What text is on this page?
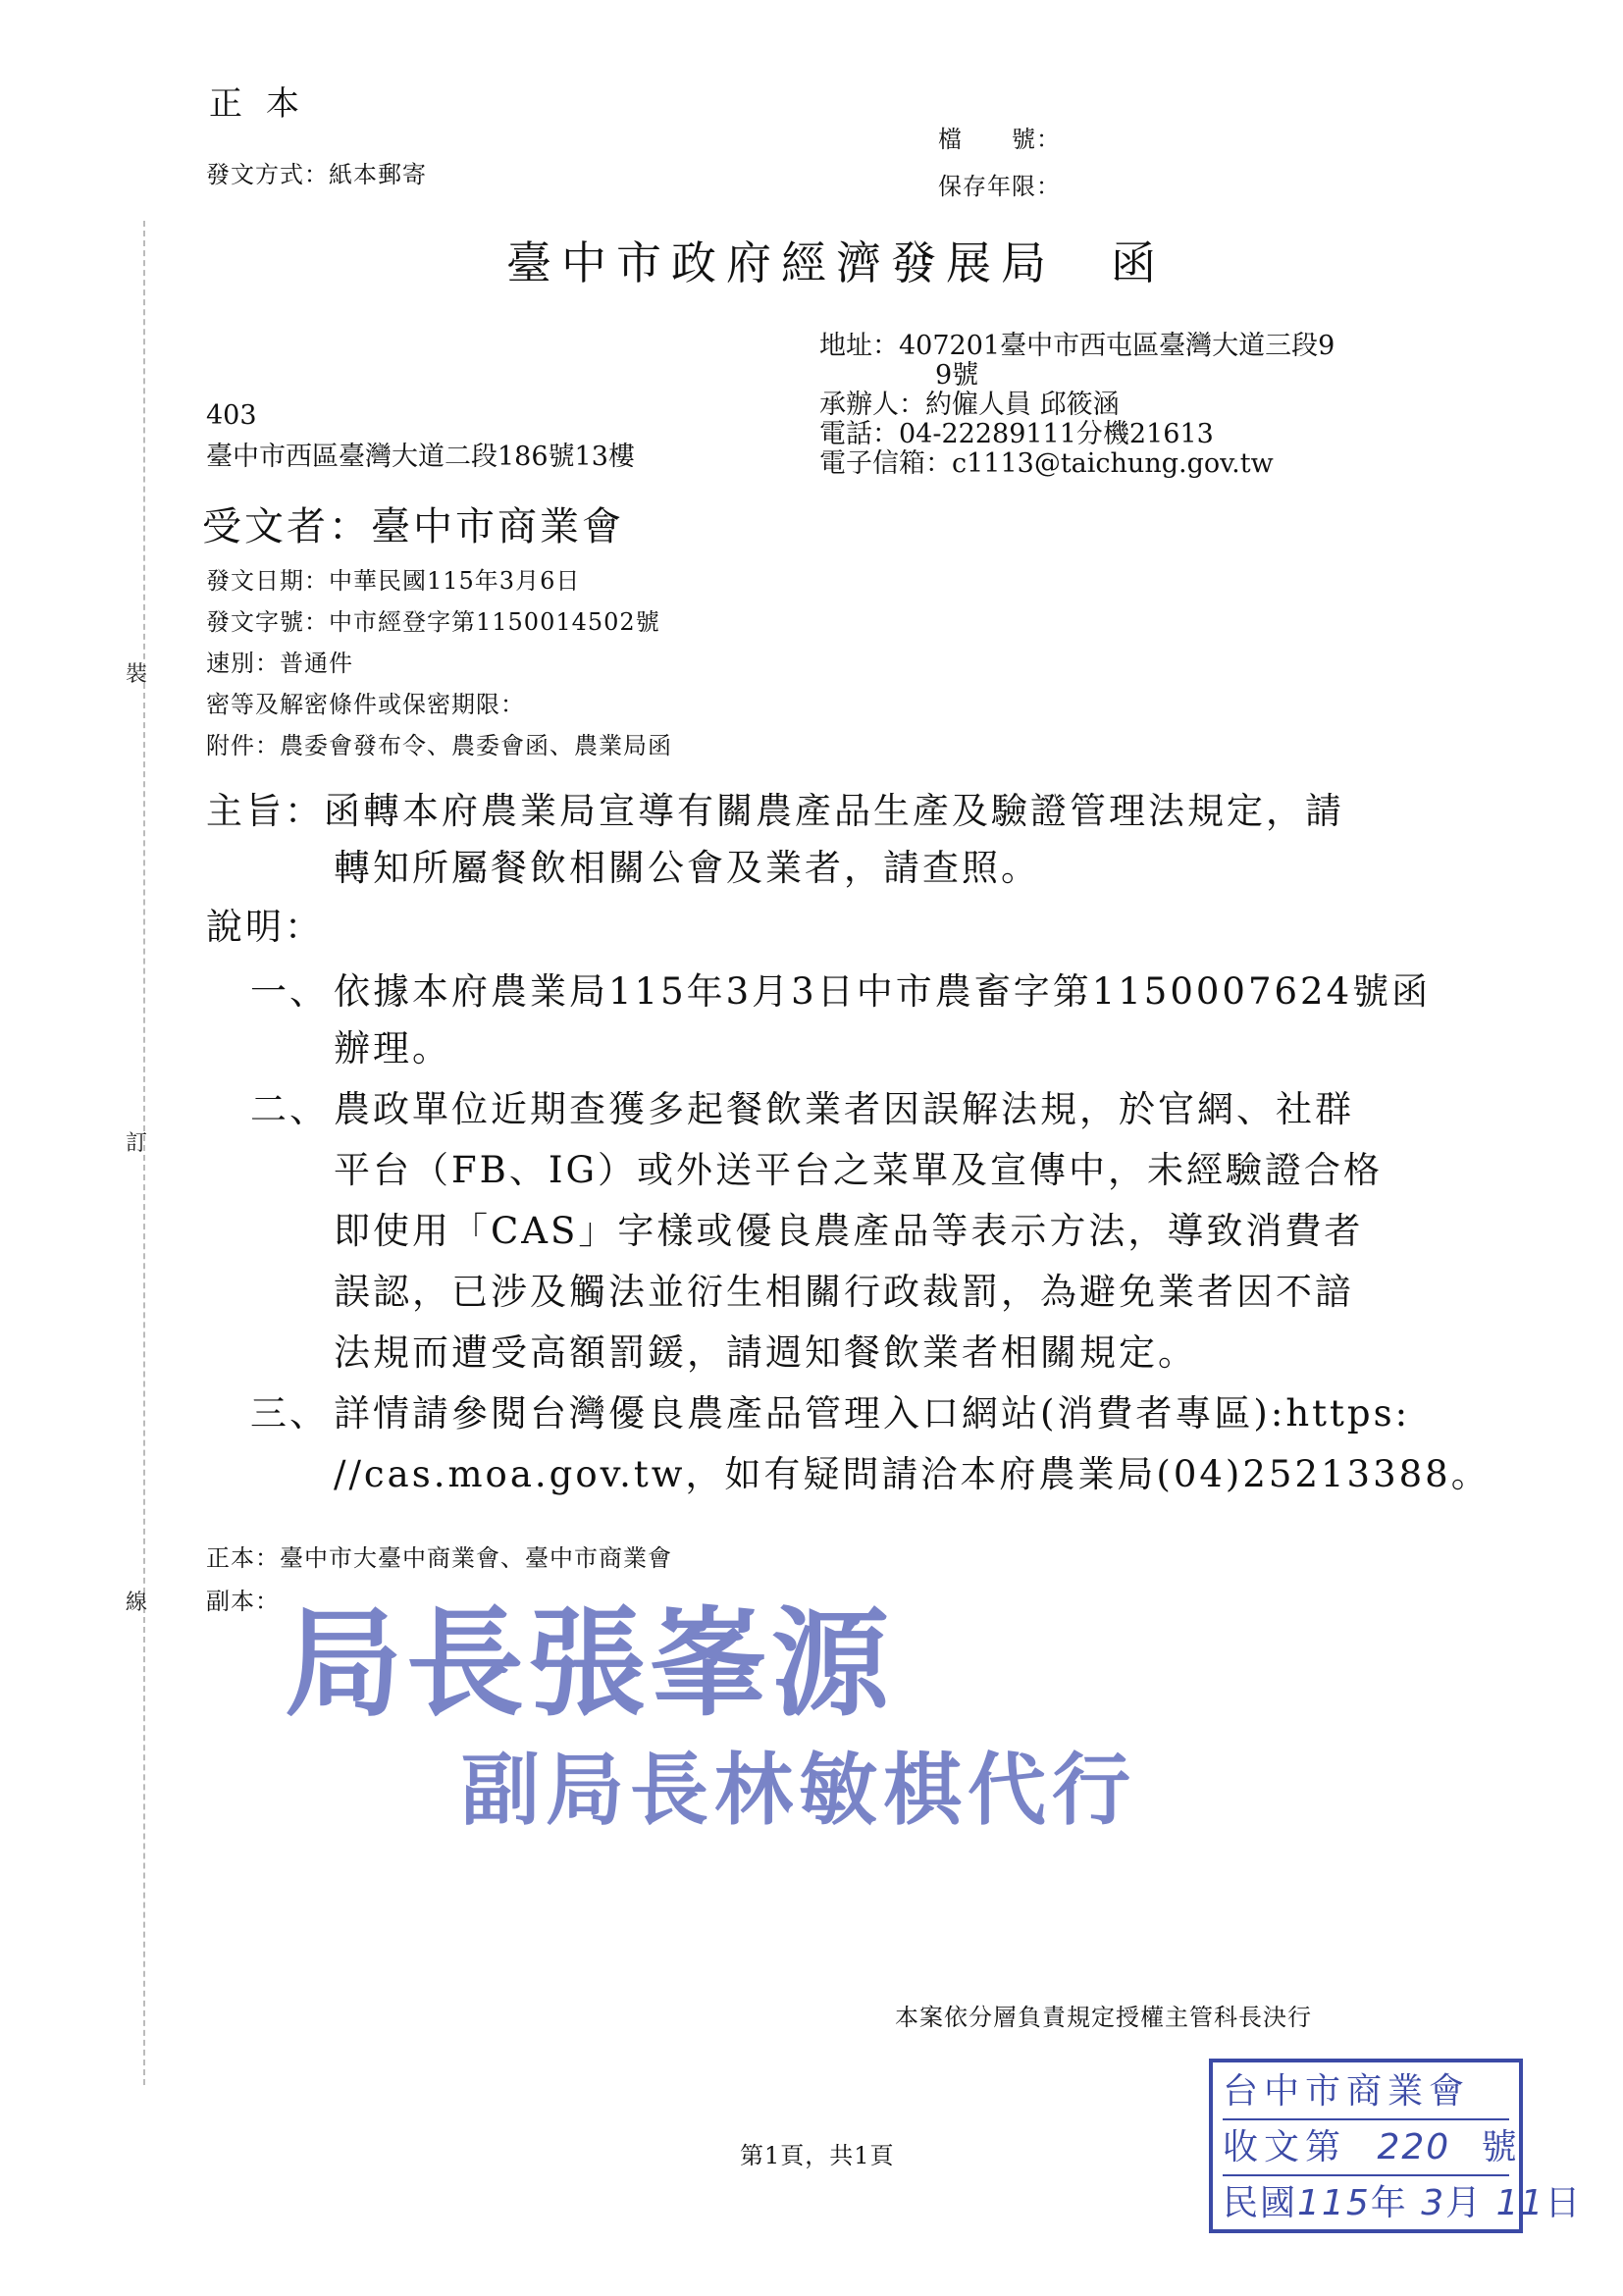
裝
訂
線
正本
發文方式：紙本郵寄
檔　　號：
保存年限：
臺中市政府經濟發展局　函
地址：407201臺中市西屯區臺灣大道三段9
9號
承辦人：約僱人員 邱筱涵
電話：04-22289111分機21613
電子信箱：c1113@taichung.gov.tw
403
臺中市西區臺灣大道二段186號13樓
受文者：臺中市商業會
發文日期：中華民國115年3月6日
發文字號：中市經登字第1150014502號
速別：普通件
密等及解密條件或保密期限：
附件：農委會發布令、農委會函、農業局函
主旨：函轉本府農業局宣導有關農產品生產及驗證管理法規定，請
轉知所屬餐飲相關公會及業者，請查照。
說明：
一、 依據本府農業局115年3月3日中市農畜字第1150007624號函
辦理。
二、 農政單位近期查獲多起餐飲業者因誤解法規，於官網、社群
平台（FB、IG）或外送平台之菜單及宣傳中，未經驗證合格
即使用「CAS」字樣或優良農產品等表示方法，導致消費者
誤認，已涉及觸法並衍生相關行政裁罰，為避免業者因不諳
法規而遭受高額罰鍰，請週知餐飲業者相關規定。
三、 詳情請參閱台灣優良農產品管理入口網站(消費者專區):https:
//cas.moa.gov.tw，如有疑問請洽本府農業局(04)25213388。
正本：臺中市大臺中商業會、臺中市商業會
副本： 局長張峯源
副局長林敏棋代行
本案依分層負責規定授權主管科長決行
第1頁，共1頁
台中市商業會
收文第 220 號
民國115年 3月 11日
